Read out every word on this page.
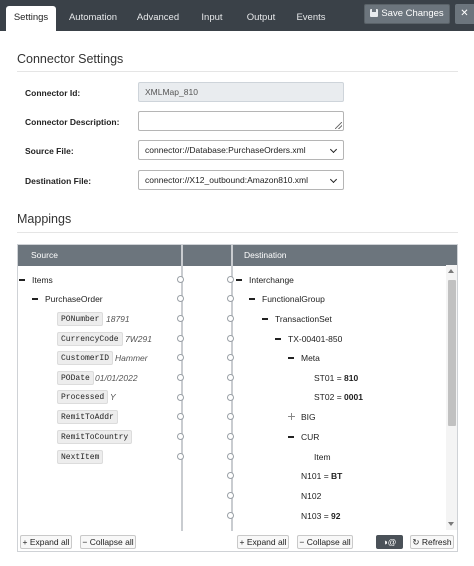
Settings	Automation	Advanced	Input	Output	Events	Save Changes	✕
Connector Settings
Connector Id:	XMLMap_810
Connector Description:
Source File:	connector://Database:PurchaseOrders.xml
Destination File:	connector://X12_outbound:Amazon810.xml
Mappings
Source	Destination
Items
PurchaseOrder
PONumber 18791
CurrencyCode 7W291
CustomerID Hammer
PODate 01/01/2022
Processed Y
RemitToAddr
RemitToCountry
NextItem
Interchange
FunctionalGroup
TransactionSet
TX-00401-850
Meta
ST01 = 810
ST02 = 0001
BIG
CUR
Item
N101 = BT
N102
N103 = 92
+ Expand all − Collapse all	+ Expand all − Collapse all	◑@	↻ Refresh
